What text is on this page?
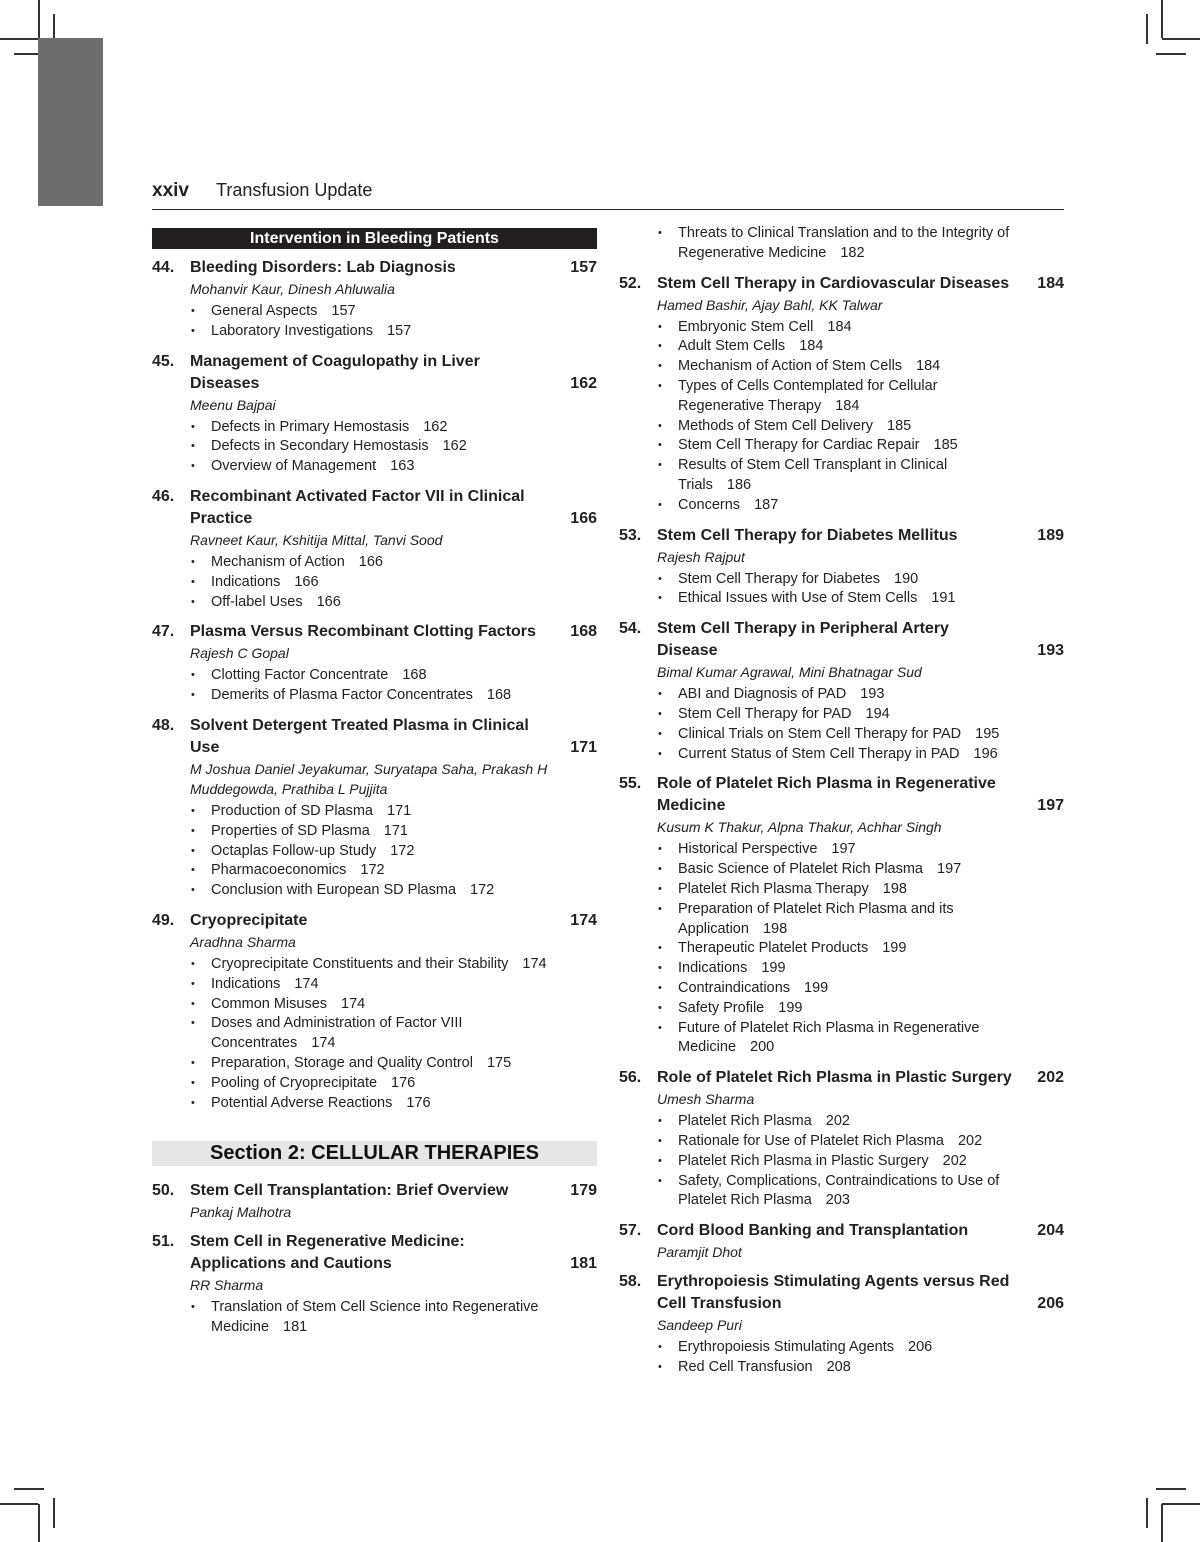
xxiv Transfusion Update
Intervention in Bleeding Patients
44. Bleeding Disorders: Lab Diagnosis	157
Mohanvir Kaur, Dinesh Ahluwalia
• General Aspects 157
• Laboratory Investigations 157
45. Management of Coagulopathy in Liver Diseases	162
Meenu Bajpai
• Defects in Primary Hemostasis 162
• Defects in Secondary Hemostasis 162
• Overview of Management 163
46. Recombinant Activated Factor VII in Clinical Practice	166
Ravneet Kaur, Kshitija Mittal, Tanvi Sood
• Mechanism of Action 166
• Indications 166
• Off-label Uses 166
47. Plasma Versus Recombinant Clotting Factors 168
Rajesh C Gopal
• Clotting Factor Concentrate 168
• Demerits of Plasma Factor Concentrates 168
48. Solvent Detergent Treated Plasma in Clinical Use	171
M Joshua Daniel Jeyakumar, Suryatapa Saha, Prakash H Muddegowda, Prathiba L Pujjita
• Production of SD Plasma 171
• Properties of SD Plasma 171
• Octaplas Follow-up Study 172
• Pharmacoeconomics 172
• Conclusion with European SD Plasma 172
49. Cryoprecipitate	174
Aradhna Sharma
• Cryoprecipitate Constituents and their Stability 174
• Indications 174
• Common Misuses 174
• Doses and Administration of Factor VIII Concentrates 174
• Preparation, Storage and Quality Control 175
• Pooling of Cryoprecipitate 176
• Potential Adverse Reactions 176
Section 2: CELLULAR THERAPIES
50. Stem Cell Transplantation: Brief Overview	179
Pankaj Malhotra
51. Stem Cell in Regenerative Medicine: Applications and Cautions	181
RR Sharma
• Translation of Stem Cell Science into Regenerative Medicine 181
• Threats to Clinical Translation and to the Integrity of Regenerative Medicine 182
52. Stem Cell Therapy in Cardiovascular Diseases 184
Hamed Bashir, Ajay Bahl, KK Talwar
• Embryonic Stem Cell 184
• Adult Stem Cells 184
• Mechanism of Action of Stem Cells 184
• Types of Cells Contemplated for Cellular Regenerative Therapy 184
• Methods of Stem Cell Delivery 185
• Stem Cell Therapy for Cardiac Repair 185
• Results of Stem Cell Transplant in Clinical Trials 186
• Concerns 187
53. Stem Cell Therapy for Diabetes Mellitus	189
Rajesh Rajput
• Stem Cell Therapy for Diabetes 190
• Ethical Issues with Use of Stem Cells 191
54. Stem Cell Therapy in Peripheral Artery Disease	193
Bimal Kumar Agrawal, Mini Bhatnagar Sud
• ABI and Diagnosis of PAD 193
• Stem Cell Therapy for PAD 194
• Clinical Trials on Stem Cell Therapy for PAD 195
• Current Status of Stem Cell Therapy in PAD 196
55. Role of Platelet Rich Plasma in Regenerative Medicine	197
Kusum K Thakur, Alpna Thakur, Achhar Singh
• Historical Perspective 197
• Basic Science of Platelet Rich Plasma 197
• Platelet Rich Plasma Therapy 198
• Preparation of Platelet Rich Plasma and its Application 198
• Therapeutic Platelet Products 199
• Indications 199
• Contraindications 199
• Safety Profile 199
• Future of Platelet Rich Plasma in Regenerative Medicine 200
56. Role of Platelet Rich Plasma in Plastic Surgery 202
Umesh Sharma
• Platelet Rich Plasma 202
• Rationale for Use of Platelet Rich Plasma 202
• Platelet Rich Plasma in Plastic Surgery 202
• Safety, Complications, Contraindications to Use of Platelet Rich Plasma 203
57. Cord Blood Banking and Transplantation	204
Paramjit Dhot
58. Erythropoiesis Stimulating Agents versus Red Cell Transfusion	206
Sandeep Puri
• Erythropoiesis Stimulating Agents 206
• Red Cell Transfusion 208
